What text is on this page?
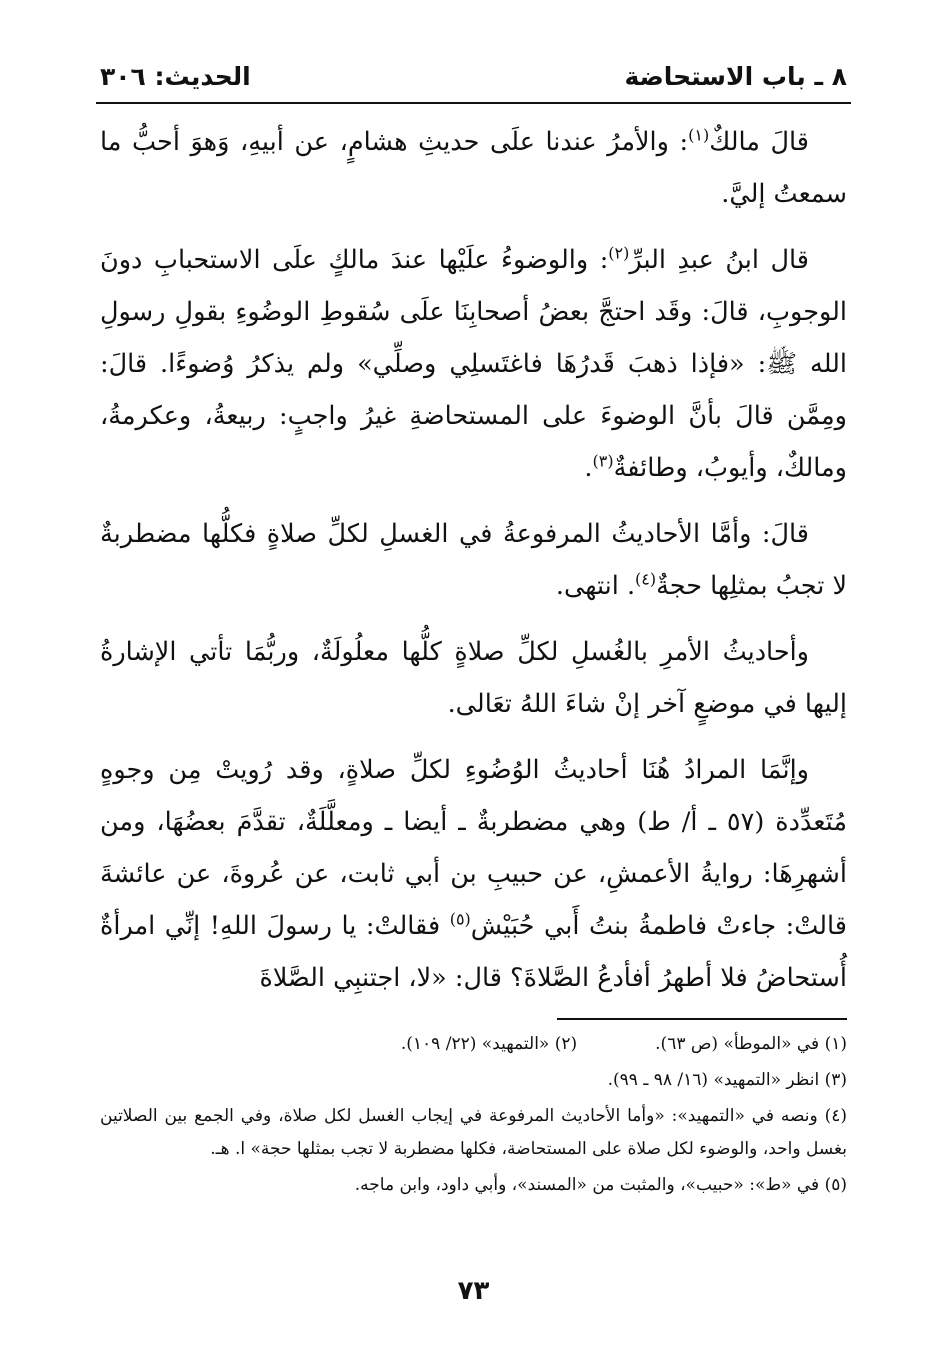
٨ ـ باب الاستحاضة
الحديث: ٣٠٦

قالَ مالكٌ$^{(١)}$: والأمرُ عندنا علَى حديثِ هشامٍ، عن أبيهِ، وَهوَ أحبُّ ما سمعتُ إليَّ.

قال ابنُ عبدِ البرِّ$^{(٢)}$: والوضوءُ علَيْها عندَ مالكٍ علَى الاستحبابِ دونَ الوجوبِ، قالَ: وقَد احتجَّ بعضُ أصحابِنَا علَى سُقوطِ الوضُوءِ بقولِ رسولِ الله ﷺ: «فإذا ذهبَ قَدرُهَا فاغتَسلِي وصلِّي» ولم يذكرُ وُضوءًا. قالَ: ومِمَّن قالَ بأنَّ الوضوءَ على المستحاضةِ غيرُ واجبٍ: ربيعةُ، وعكرمةُ، ومالكٌ، وأيوبُ، وطائفةٌ$^{(٣)}$.

قالَ: وأمَّا الأحاديثُ المرفوعةُ في الغسلِ لكلِّ صلاةٍ فكلُّها مضطربةٌ لا تجبُ بمثلِها حجةٌ$^{(٤)}$. انتهى.

وأحاديثُ الأمرِ بالغُسلِ لكلِّ صلاةٍ كلُّها معلُولَةٌ، وربُّمَا تأتي الإشارةُ إليها في موضعٍ آخر إنْ شاءَ اللهُ تعَالى.

وإنَّمَا المرادُ هُنَا أحاديثُ الوُضُوءِ لكلِّ صلاةٍ، وقد رُويتْ مِن وجوهٍ مُتَعدِّدة (٥٧ ـ أ/ ط) وهي مضطربةٌ ـ أيضا ـ ومعلَّلَةٌ، تقدَّمَ بعضُهَا، ومن أشهرِهَا: روايةُ الأعمشِ، عن حبيبِ بن أبي ثابت، عن عُروةَ، عن عائشةَ قالتْ: جاءتْ فاطمةُ بنتُ أَبي حُبَيْش$^{(٥)}$ فقالتْ: يا رسولَ اللهِ! إنِّي امرأةٌ أُستحاضُ فلا أطهرُ أفأدعُ الصَّلاةَ؟ قال: «لا، اجتنبِي الصَّلاةَ

(١) في «الموطأ» (ص ٦٣).
(٢) «التمهيد» (٢٢/ ١٠٩).

(٣) انظر «التمهيد» (١٦/ ٩٨ ـ ٩٩).

(٤) ونصه في «التمهيد»: «وأما الأحاديث المرفوعة في إيجاب الغسل لكل صلاة، وفي الجمع بين الصلاتين بغسل واحد، والوضوء لكل صلاة على المستحاضة، فكلها مضطربة لا تجب بمثلها حجة» ا. هـ.

(٥) في «ط»: «حبيب»، والمثبت من «المسند»، وأبي داود، وابن ماجه.

٧٣
